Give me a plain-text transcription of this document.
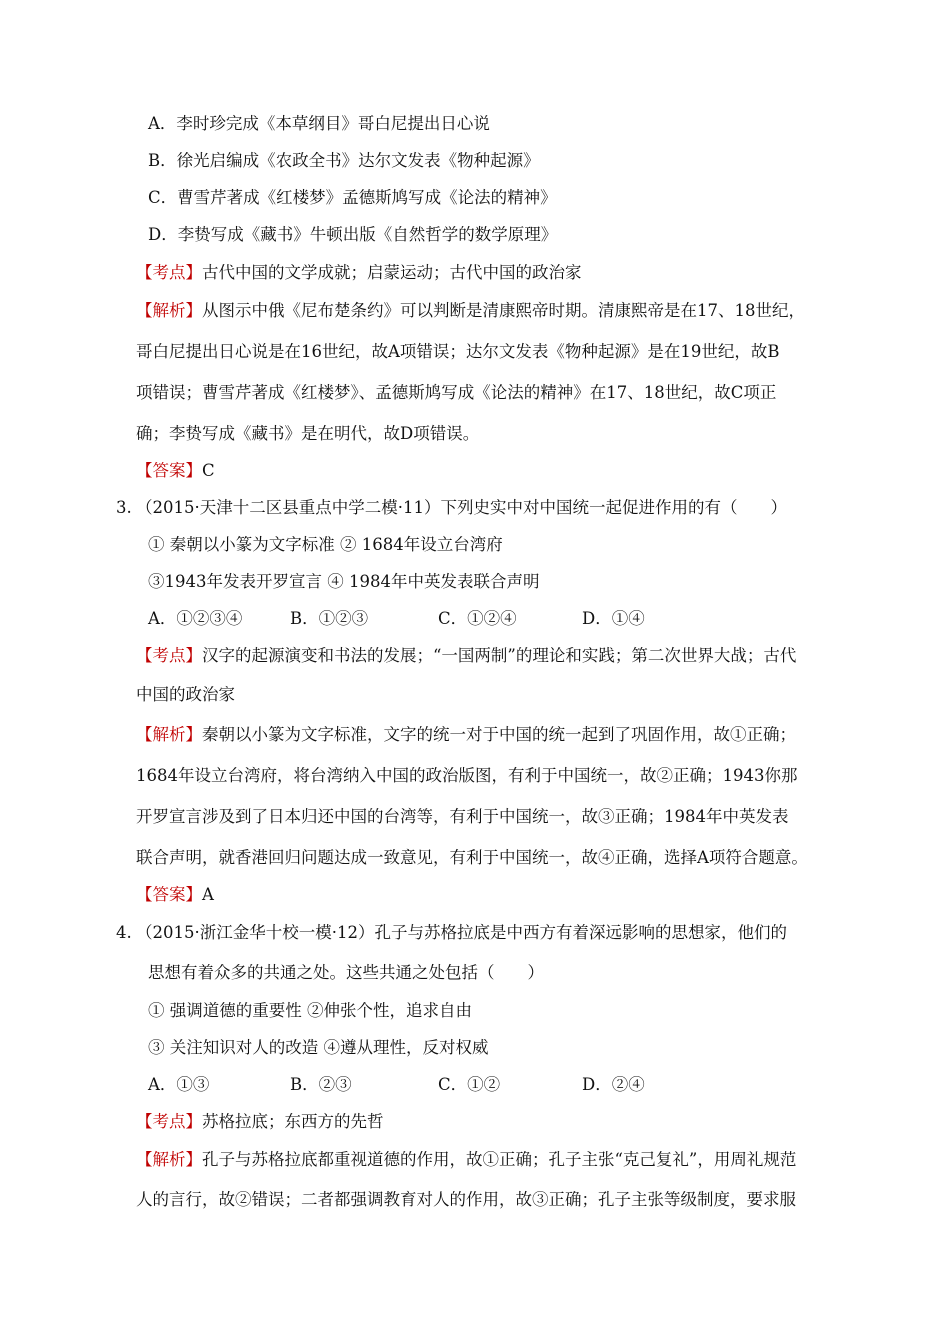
A．李时珍完成《本草纲目》哥白尼提出日心说
B．徐光启编成《农政全书》达尔文发表《物种起源》
C．曹雪芹著成《红楼梦》孟德斯鸠写成《论法的精神》
D．李贽写成《藏书》牛顿出版《自然哲学的数学原理》
【考点】古代中国的文学成就；启蒙运动；古代中国的政治家
【解析】从图示中俄《尼布楚条约》可以判断是清康熙帝时期。清康熙帝是在17、18世纪，
哥白尼提出日心说是在16世纪，故A项错误；达尔文发表《物种起源》是在19世纪，故B
项错误；曹雪芹著成《红楼梦》、孟德斯鸠写成《论法的精神》在17、18世纪，故C项正
确；李贽写成《藏书》是在明代，故D项错误。
【答案】C
3. （2015·天津十二区县重点中学二模·11）下列史实中对中国统一起促进作用的有（　　）
① 秦朝以小篆为文字标准 ② 1684年设立台湾府
③1943年发表开罗宣言 ④ 1984年中英发表联合声明
A．①②③④	B．①②③	C．①②④	D．①④
【考点】汉字的起源演变和书法的发展；“一国两制”的理论和实践；第二次世界大战；古代
中国的政治家
【解析】秦朝以小篆为文字标准，文字的统一对于中国的统一起到了巩固作用，故①正确；
1684年设立台湾府，将台湾纳入中国的政治版图，有利于中国统一，故②正确；1943你那
开罗宣言涉及到了日本归还中国的台湾等，有利于中国统一，故③正确；1984年中英发表
联合声明，就香港回归问题达成一致意见，有利于中国统一，故④正确，选择A项符合题意。
【答案】A
4. （2015·浙江金华十校一模·12）孔子与苏格拉底是中西方有着深远影响的思想家，他们的
思想有着众多的共通之处。这些共通之处包括（　　）
① 强调道德的重要性 ②伸张个性，追求自由
③ 关注知识对人的改造 ④遵从理性，反对权威
A．①③	B．②③	C．①②	D．②④
【考点】苏格拉底；东西方的先哲
【解析】孔子与苏格拉底都重视道德的作用，故①正确；孔子主张“克己复礼”，用周礼规范
人的言行，故②错误；二者都强调教育对人的作用，故③正确；孔子主张等级制度，要求服
